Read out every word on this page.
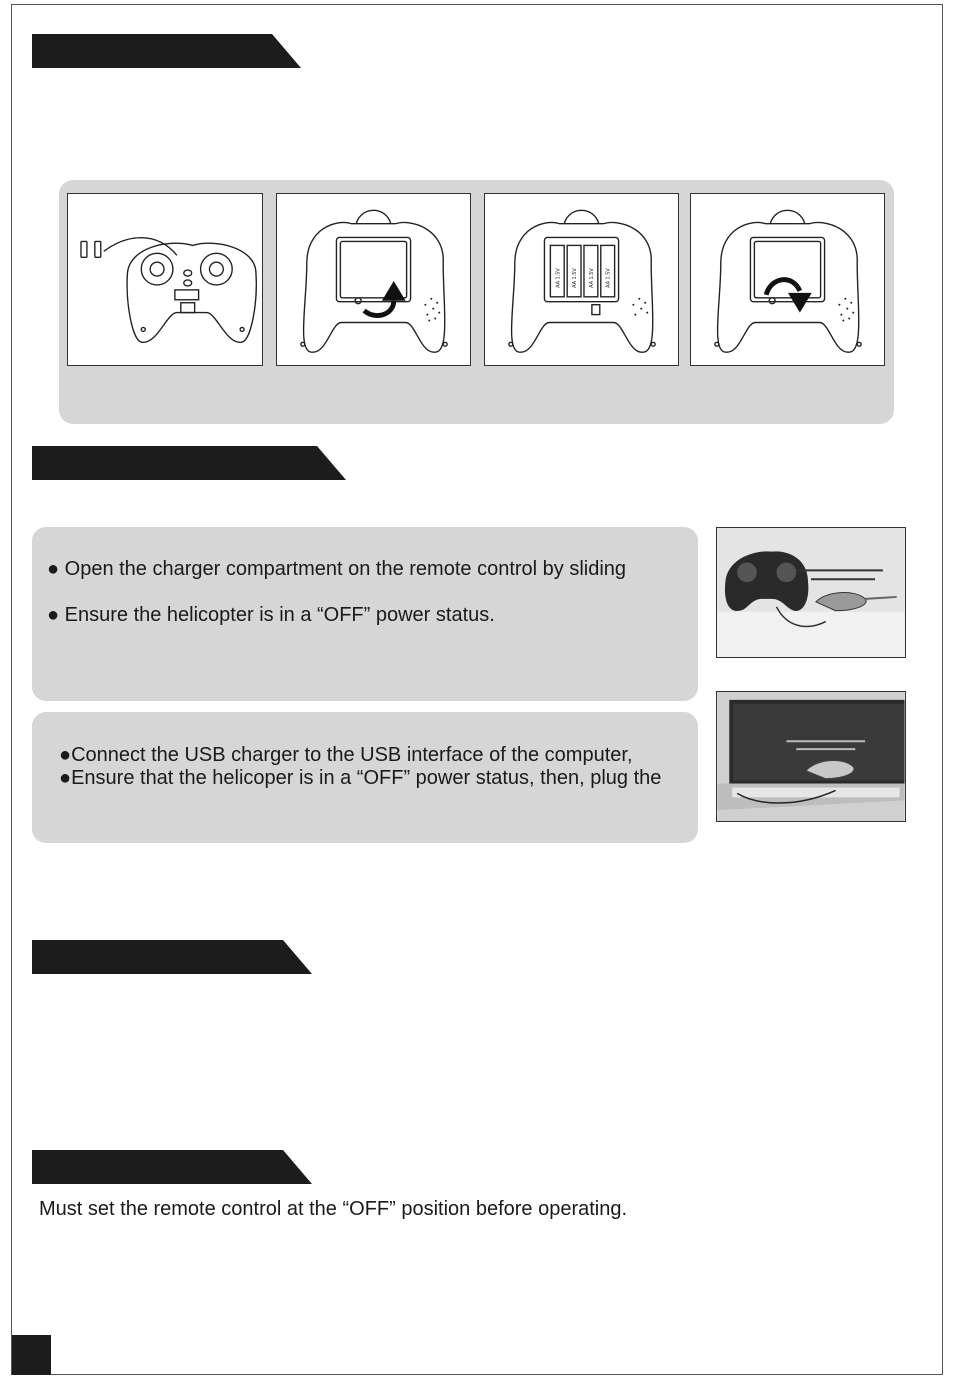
AA 1.5V AA 1.5V AA 1.5V AA 1.5V
● Open the charger compartment on the remote control by sliding
● Ensure the helicopter is in a “OFF” power status.
●Connect the USB charger to the USB interface of the computer,
●Ensure that the helicoper is in a “OFF” power status, then, plug the
Must set the remote control at the “OFF” position before operating.
